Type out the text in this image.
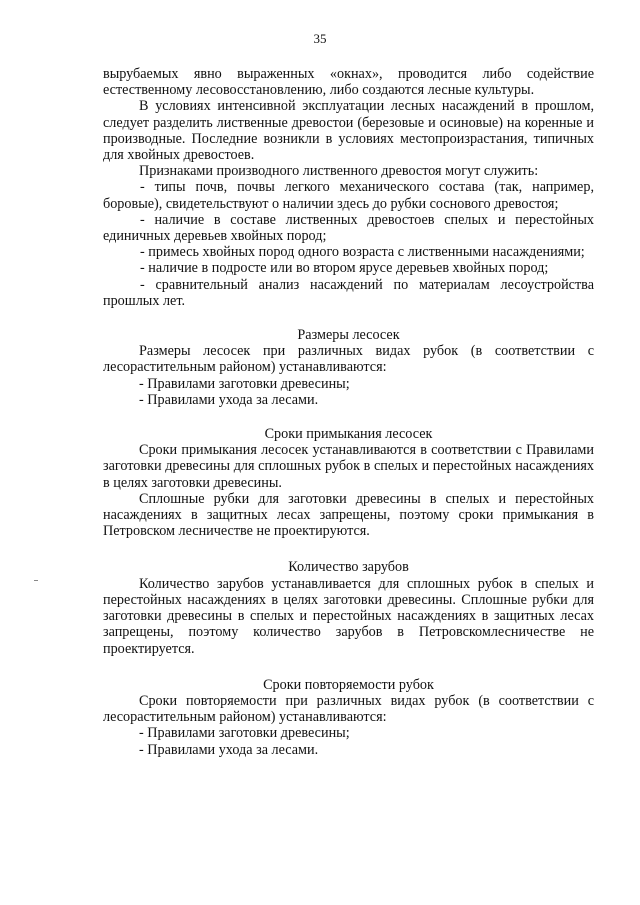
35

вырубаемых явно выраженных «окнах», проводится либо содействие естественному лесовосстановлению, либо создаются лесные культуры.

В условиях интенсивной эксплуатации лесных насаждений в прошлом, следует разделить лиственные древостои (березовые и осиновые) на коренные и производные. Последние возникли в условиях местопроизрастания, типичных для хвойных древостоев.

Признаками производного лиственного древостоя могут служить:

- типы почв, почвы легкого механического состава (так, например, боровые), свидетельствуют о наличии здесь до рубки соснового древостоя;

- наличие в составе лиственных древостоев спелых и перестойных единичных деревьев хвойных пород;

- примесь хвойных пород одного возраста с лиственными насаждениями;

- наличие в подросте или во втором ярусе деревьев хвойных пород;

- сравнительный анализ насаждений по материалам лесоустройства прошлых лет.

Размеры лесосек

Размеры лесосек при различных видах рубок (в соответствии с лесорастительным районом) устанавливаются:

- Правилами заготовки древесины;

- Правилами ухода за лесами.

Сроки примыкания лесосек

Сроки примыкания лесосек устанавливаются в соответствии с Правилами заготовки древесины для сплошных рубок в спелых и перестойных насаждениях в целях заготовки древесины.

Сплошные рубки для заготовки древесины в спелых и перестойных насаждениях в защитных лесах запрещены, поэтому сроки примыкания в Петровском лесничестве не проектируются.

Количество зарубов

Количество зарубов устанавливается для сплошных рубок в спелых и перестойных насаждениях в целях заготовки древесины. Сплошные рубки для заготовки древесины в спелых и перестойных насаждениях в защитных лесах запрещены, поэтому количество зарубов в Петровскомлесничестве не проектируется.

Сроки повторяемости рубок

Сроки повторяемости при различных видах рубок (в соответствии с лесорастительным районом) устанавливаются:

- Правилами заготовки древесины;

- Правилами ухода за лесами.
